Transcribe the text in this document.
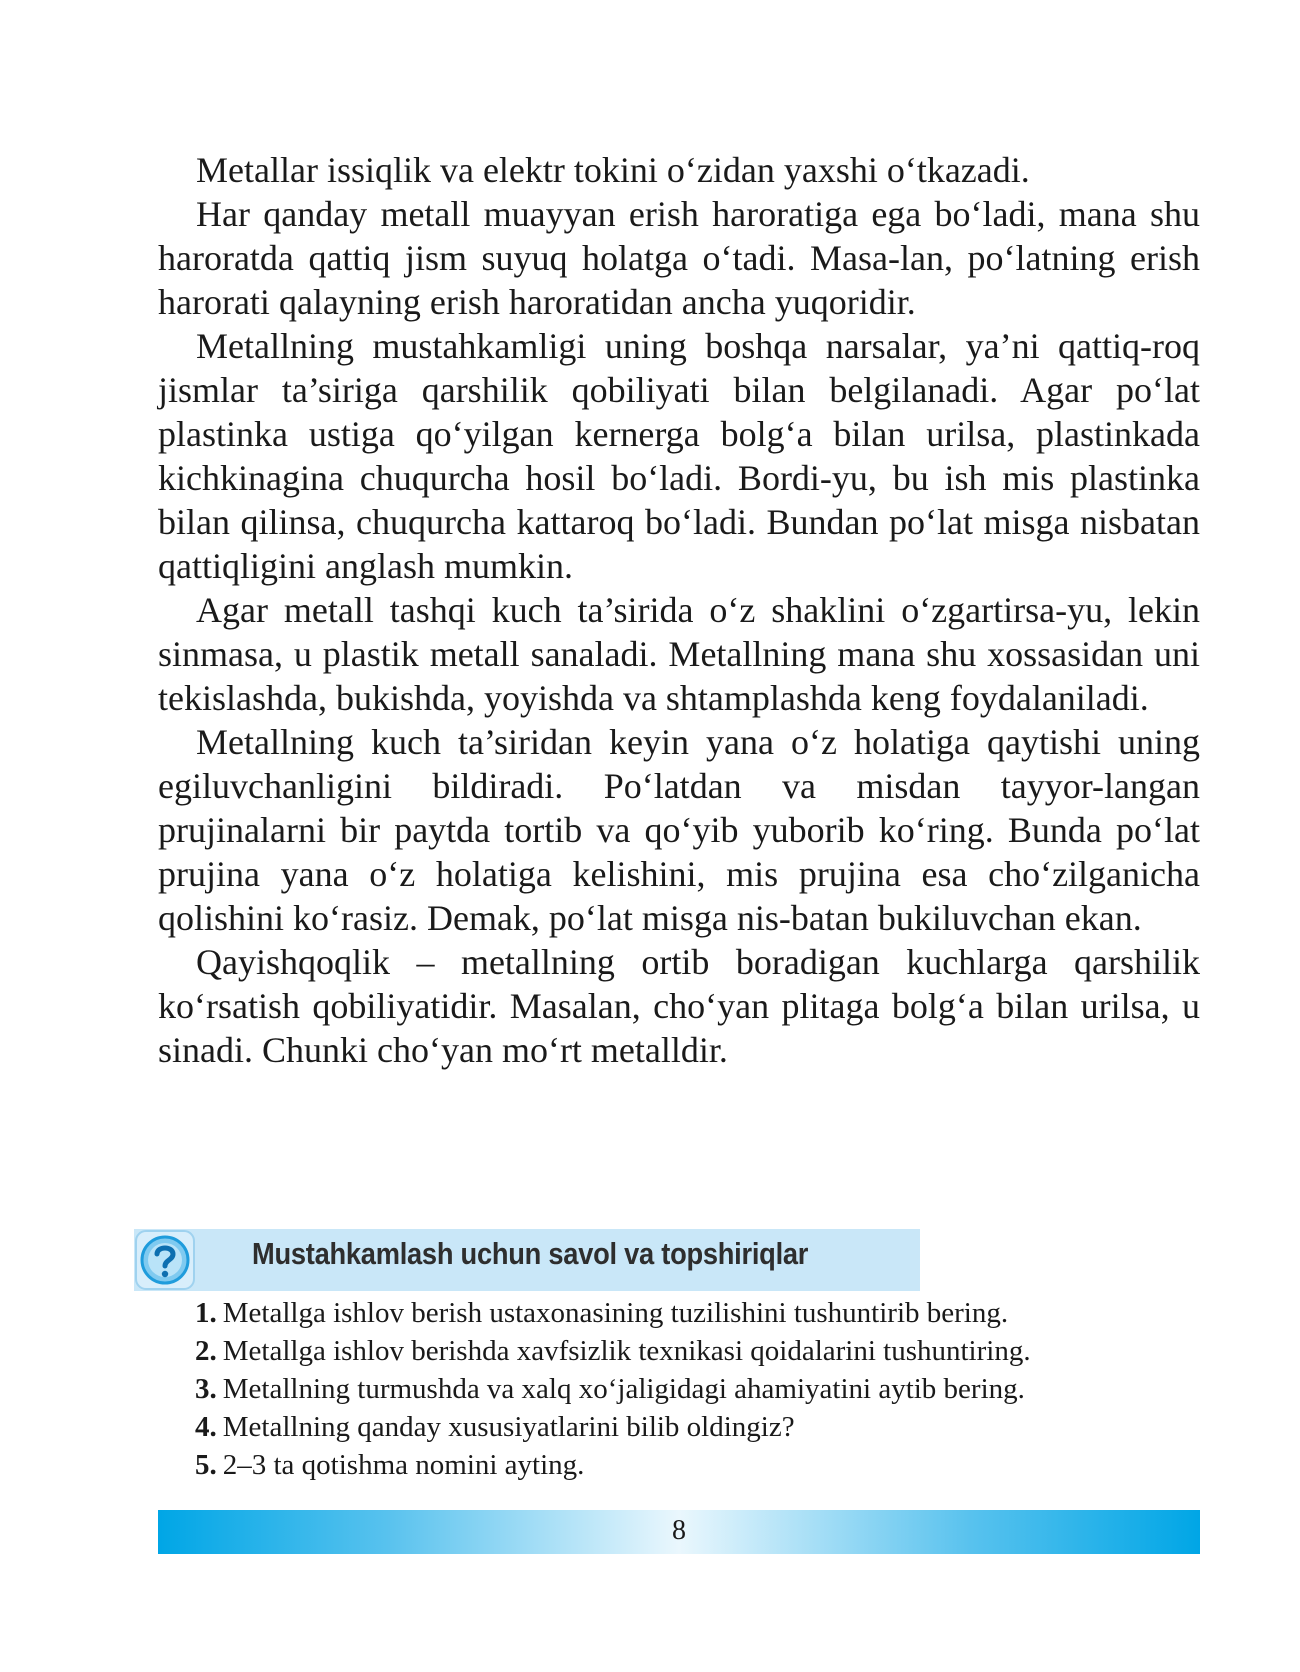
Metallar issiqlik va elektr tokini o‘zidan yaxshi o‘tkazadi.

Har qanday metall muayyan erish haroratiga ega bo‘ladi, mana shu haroratda qattiq jism suyuq holatga o‘tadi. Masa-lan, po‘latning erish harorati qalayning erish haroratidan ancha yuqoridir.

Metallning mustahkamligi uning boshqa narsalar, ya’ni qattiq-roq jismlar ta’siriga qarshilik qobiliyati bilan belgilanadi. Agar po‘lat plastinka ustiga qo‘yilgan kernerga bolg‘a bilan urilsa, plastinkada kichkinagina chuqurcha hosil bo‘ladi. Bordi-yu, bu ish mis plastinka bilan qilinsa, chuqurcha kattaroq bo‘ladi. Bundan po‘lat misga nisbatan qattiqligini anglash mumkin.

Agar metall tashqi kuch ta’sirida o‘z shaklini o‘zgartirsa-yu, lekin sinmasa, u plastik metall sanaladi. Metallning mana shu xossasidan uni tekislashda, bukishda, yoyishda va shtamplashda keng foydalaniladi.

Metallning kuch ta’siridan keyin yana o‘z holatiga qaytishi uning egiluvchanligini bildiradi. Po‘latdan va misdan tayyor-langan prujinalarni bir paytda tortib va qo‘yib yuborib ko‘ring. Bunda po‘lat prujina yana o‘z holatiga kelishini, mis prujina esa cho‘zilganicha qolishini ko‘rasiz. Demak, po‘lat misga nis-batan bukiluvchan ekan.

Qayishqoqlik – metallning ortib boradigan kuchlarga qarshilik ko‘rsatish qobiliyatidir. Masalan, cho‘yan plitaga bolg‘a bilan urilsa, u sinadi. Chunki cho‘yan mo‘rt metalldir.

Mustahkamlash uchun savol va topshiriqlar
1. Metallga ishlov berish ustaxonasining tuzilishini tushuntirib bering.
2. Metallga ishlov berishda xavfsizlik texnikasi qoidalarini tushuntiring.
3. Metallning turmushda va xalq xo‘jaligidagi ahamiyatini aytib bering.
4. Metallning qanday xususiyatlarini bilib oldingiz?
5. 2–3 ta qotishma nomini ayting.
8
